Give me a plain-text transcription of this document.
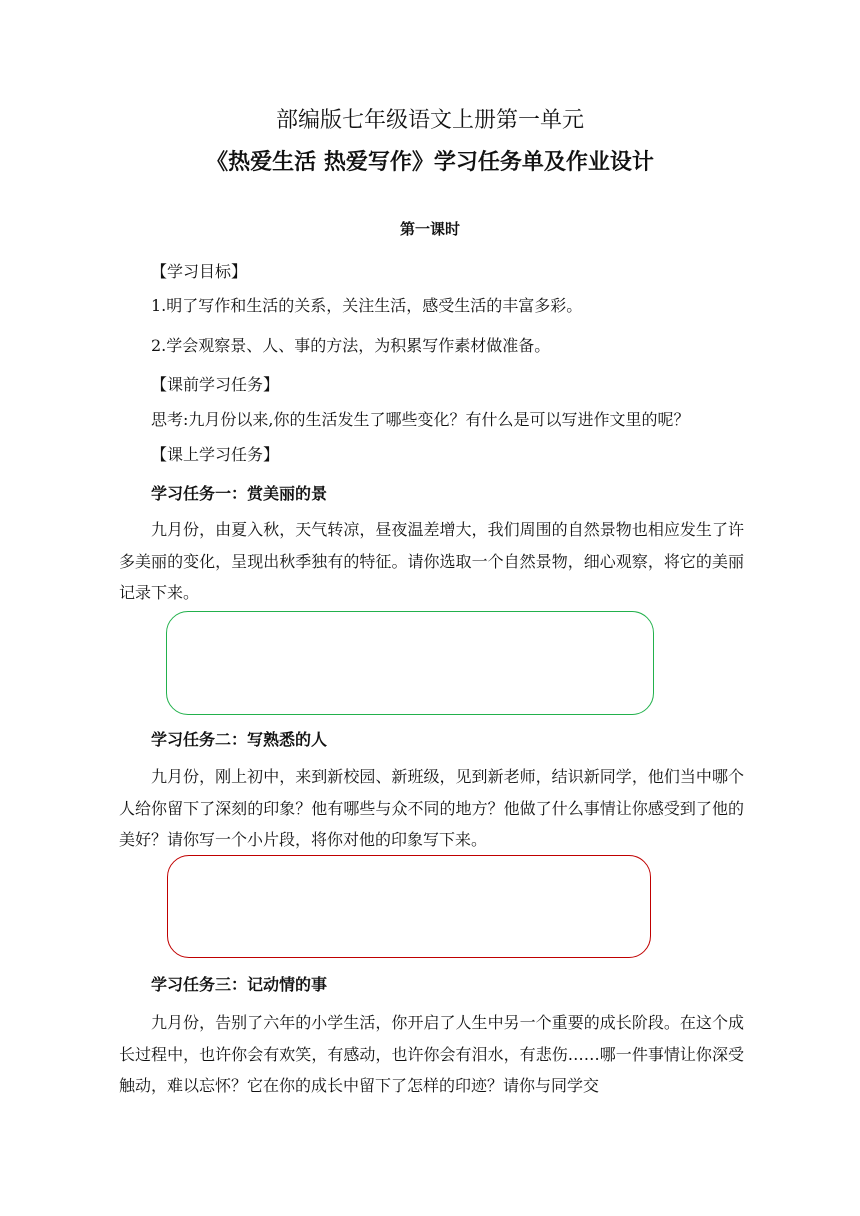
部编版七年级语文上册第一单元
《热爱生活 热爱写作》学习任务单及作业设计
第一课时
【学习目标】
1.明了写作和生活的关系，关注生活，感受生活的丰富多彩。
2.学会观察景、人、事的方法，为积累写作素材做准备。
【课前学习任务】
思考:九月份以来,你的生活发生了哪些变化？有什么是可以写进作文里的呢？
【课上学习任务】
学习任务一：赏美丽的景
九月份，由夏入秋，天气转凉，昼夜温差增大，我们周围的自然景物也相应发生了许多美丽的变化，呈现出秋季独有的特征。请你选取一个自然景物，细心观察，将它的美丽记录下来。
学习任务二：写熟悉的人
九月份，刚上初中，来到新校园、新班级，见到新老师，结识新同学，他们当中哪个人给你留下了深刻的印象？他有哪些与众不同的地方？他做了什么事情让你感受到了他的美好？请你写一个小片段，将你对他的印象写下来。
学习任务三：记动情的事
九月份，告别了六年的小学生活，你开启了人生中另一个重要的成长阶段。在这个成长过程中，也许你会有欢笑，有感动，也许你会有泪水，有悲伤……哪一件事情让你深受触动，难以忘怀？它在你的成长中留下了怎样的印迹？请你与同学交
